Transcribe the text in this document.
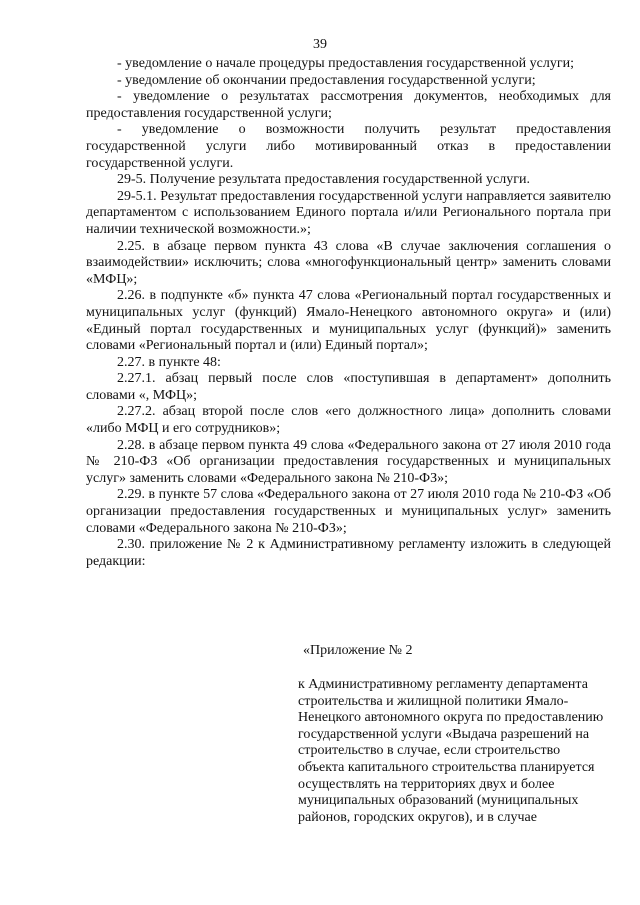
39

- уведомление о начале процедуры предоставления государственной услуги;

- уведомление об окончании предоставления государственной услуги;

- уведомление о результатах рассмотрения документов, необходимых для предоставления государственной услуги;

- уведомление о возможности получить результат предоставления государственной услуги либо мотивированный отказ в предоставлении государственной услуги.

29-5. Получение результата предоставления государственной услуги.

29-5.1. Результат предоставления государственной услуги направляется заявителю департаментом с использованием Единого портала и/или Регионального портала при наличии технической возможности.»;

2.25. в абзаце первом пункта 43 слова «В случае заключения соглашения о взаимодействии» исключить; слова «многофункциональный центр» заменить словами «МФЦ»;

2.26. в подпункте «б» пункта 47 слова «Региональный портал государственных и муниципальных услуг (функций) Ямало-Ненецкого автономного округа» и (или) «Единый портал государственных и муниципальных услуг (функций)» заменить словами «Региональный портал и (или) Единый портал»;

2.27. в пункте 48:

2.27.1. абзац первый после слов «поступившая в департамент» дополнить словами «, МФЦ»;

2.27.2. абзац второй после слов «его должностного лица» дополнить словами «либо МФЦ и его сотрудников»;

2.28. в абзаце первом пункта 49 слова «Федерального закона от 27 июля 2010 года № 210-ФЗ «Об организации предоставления государственных и муниципальных услуг» заменить словами «Федерального закона № 210-ФЗ»;

2.29. в пункте 57 слова «Федерального закона от 27 июля 2010 года № 210-ФЗ «Об организации предоставления государственных и муниципальных услуг» заменить словами «Федерального закона № 210-ФЗ»;

2.30. приложение № 2 к Административному регламенту изложить в следующей редакции:

«Приложение № 2

к Административному регламенту департамента строительства и жилищной политики Ямало-Ненецкого автономного округа по предоставлению государственной услуги «Выдача разрешений на строительство в случае, если строительство объекта капитального строительства планируется осуществлять на территориях двух и более муниципальных образований (муниципальных районов, городских округов), и в случае
